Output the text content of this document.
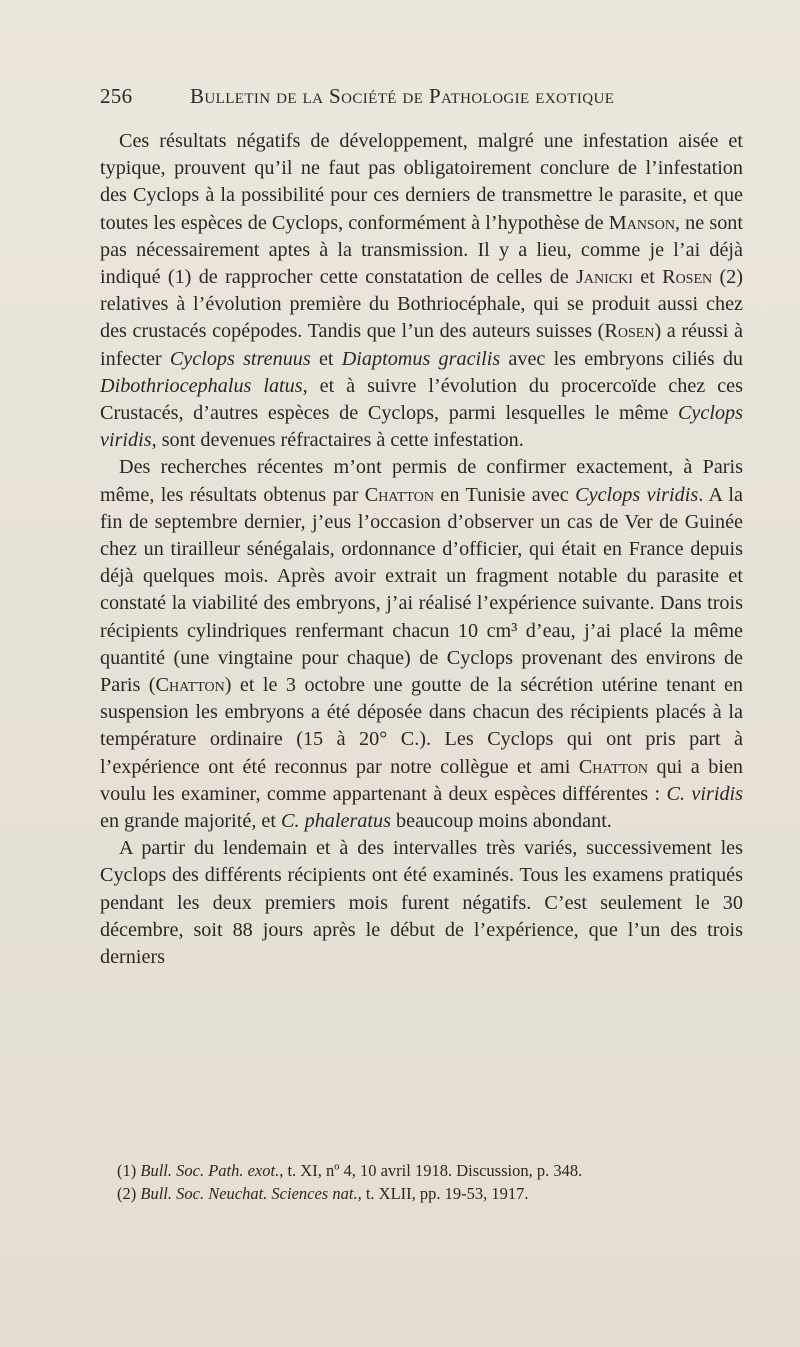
256	Bulletin de la Société de Pathologie exotique

Ces résultats négatifs de développement, malgré une infestation aisée et typique, prouvent qu’il ne faut pas obligatoirement conclure de l’infestation des Cyclops à la possibilité pour ces derniers de transmettre le parasite, et que toutes les espèces de Cyclops, conformément à l’hypothèse de Manson, ne sont pas nécessairement aptes à la transmission. Il y a lieu, comme je l’ai déjà indiqué (1) de rapprocher cette constatation de celles de Janicki et Rosen (2) relatives à l’évolution première du Bothriocéphale, qui se produit aussi chez des crustacés copépodes. Tandis que l’un des auteurs suisses (Rosen) a réussi à infecter Cyclops strenuus et Diaptomus gracilis avec les embryons ciliés du Dibothriocephalus latus, et à suivre l’évolution du procercoïde chez ces Crustacés, d’autres espèces de Cyclops, parmi lesquelles le même Cyclops viridis, sont devenues réfractaires à cette infestation.

Des recherches récentes m’ont permis de confirmer exactement, à Paris même, les résultats obtenus par Chatton en Tunisie avec Cyclops viridis. A la fin de septembre dernier, j’eus l’occasion d’observer un cas de Ver de Guinée chez un tirailleur sénégalais, ordonnance d’officier, qui était en France depuis déjà quelques mois. Après avoir extrait un fragment notable du parasite et constaté la viabilité des embryons, j’ai réalisé l’expérience suivante. Dans trois récipients cylindriques renfermant chacun 10 cm³ d’eau, j’ai placé la même quantité (une vingtaine pour chaque) de Cyclops provenant des environs de Paris (Chatton) et le 3 octobre une goutte de la sécrétion utérine tenant en suspension les embryons a été déposée dans chacun des récipients placés à la température ordinaire (15 à 20° C.). Les Cyclops qui ont pris part à l’expérience ont été reconnus par notre collègue et ami Chatton qui a bien voulu les examiner, comme appartenant à deux espèces différentes : C. viridis en grande majorité, et C. phaleratus beaucoup moins abondant.

A partir du lendemain et à des intervalles très variés, successivement les Cyclops des différents récipients ont été examinés. Tous les examens pratiqués pendant les deux premiers mois furent négatifs. C’est seulement le 30 décembre, soit 88 jours après le début de l’expérience, que l’un des trois derniers

(1) Bull. Soc. Path. exot., t. XI, nº 4, 10 avril 1918. Discussion, p. 348.
(2) Bull. Soc. Neuchat. Sciences nat., t. XLII, pp. 19-53, 1917.
